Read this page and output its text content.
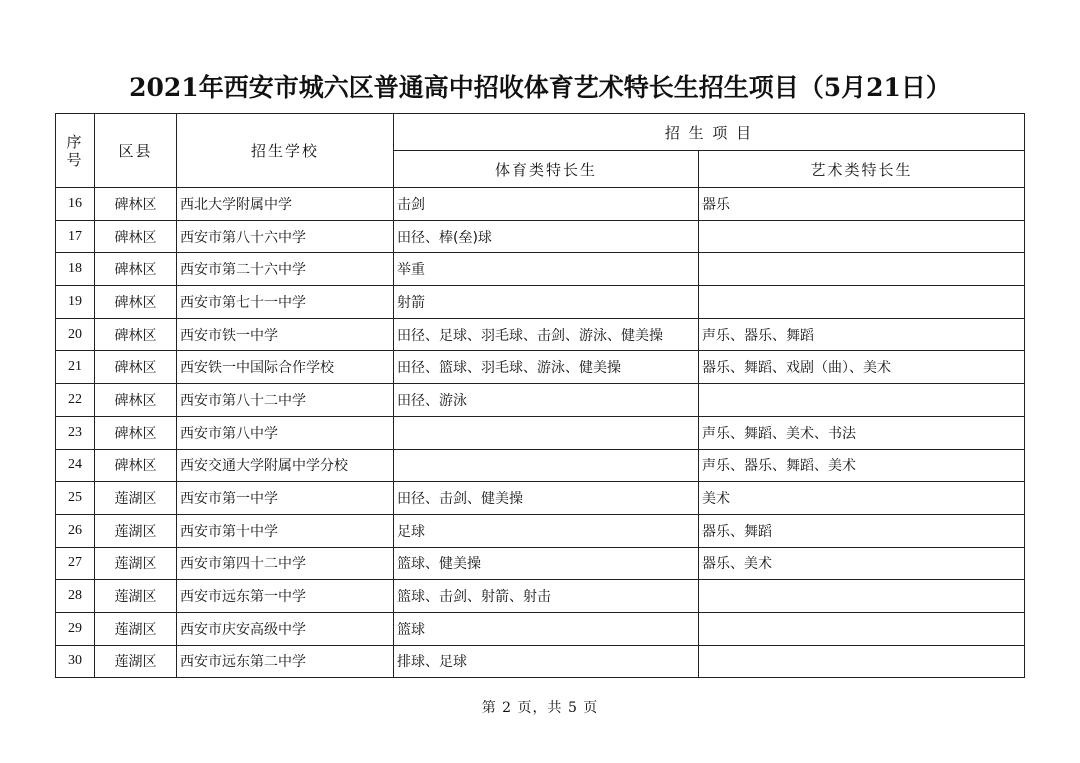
2021年西安市城六区普通高中招收体育艺术特长生招生项目（5月21日）
序
号	区县	招生学校	招 生 项 目	
			体育类特长生	艺术类特长生
16	碑林区	西北大学附属中学	击剑	器乐
17	碑林区	西安市第八十六中学	田径、棒(垒)球	
18	碑林区	西安市第二十六中学	举重	
19	碑林区	西安市第七十一中学	射箭	
20	碑林区	西安市铁一中学	田径、足球、羽毛球、击剑、游泳、健美操	声乐、器乐、舞蹈
21	碑林区	西安铁一中国际合作学校	田径、篮球、羽毛球、游泳、健美操	器乐、舞蹈、戏剧（曲）、美术
22	碑林区	西安市第八十二中学	田径、游泳	
23	碑林区	西安市第八中学		声乐、舞蹈、美术、书法
24	碑林区	西安交通大学附属中学分校		声乐、器乐、舞蹈、美术
25	莲湖区	西安市第一中学	田径、击剑、健美操	美术
26	莲湖区	西安市第十中学	足球	器乐、舞蹈
27	莲湖区	西安市第四十二中学	篮球、健美操	器乐、美术
28	莲湖区	西安市远东第一中学	篮球、击剑、射箭、射击	
29	莲湖区	西安市庆安高级中学	篮球	
30	莲湖区	西安市远东第二中学	排球、足球	
第 2 页，共 5 页
